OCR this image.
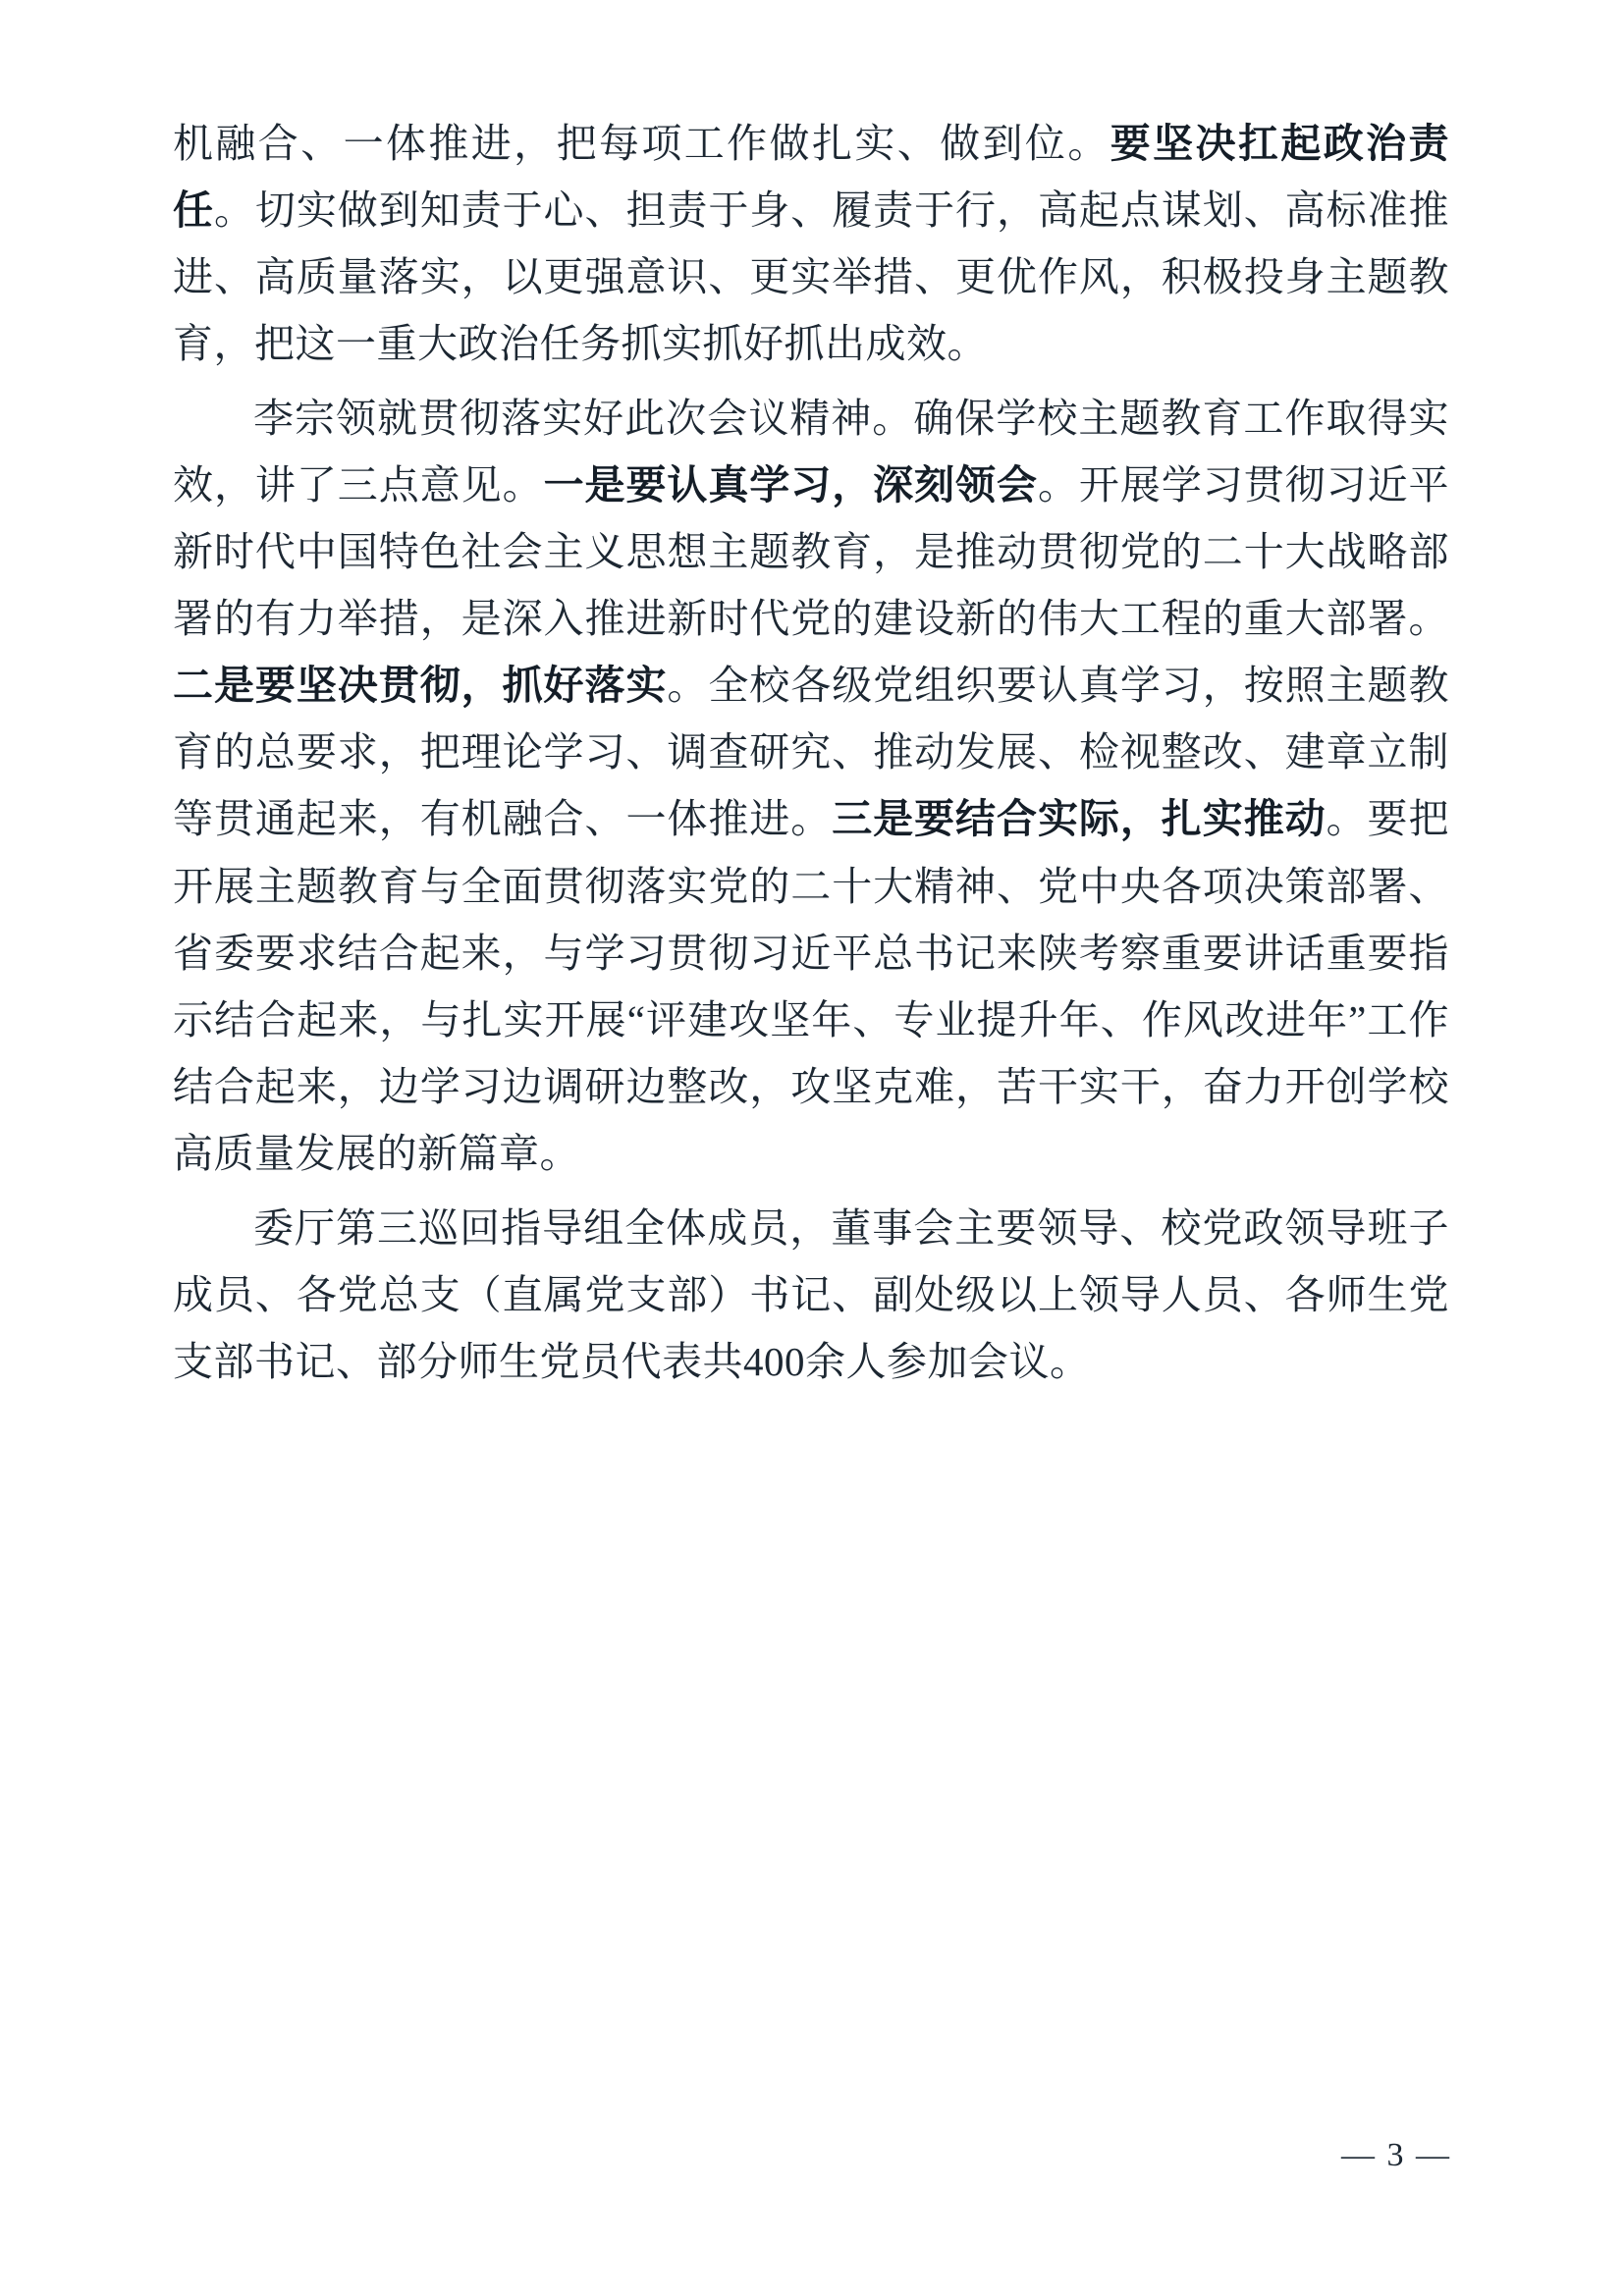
机融合、一体推进，把每项工作做扎实、做到位。要坚决扛起政治责任。切实做到知责于心、担责于身、履责于行，高起点谋划、高标准推进、高质量落实，以更强意识、更实举措、更优作风，积极投身主题教育，把这一重大政治任务抓实抓好抓出成效。

李宗领就贯彻落实好此次会议精神。确保学校主题教育工作取得实效，讲了三点意见。一是要认真学习，深刻领会。开展学习贯彻习近平新时代中国特色社会主义思想主题教育，是推动贯彻党的二十大战略部署的有力举措，是深入推进新时代党的建设新的伟大工程的重大部署。二是要坚决贯彻，抓好落实。全校各级党组织要认真学习，按照主题教育的总要求，把理论学习、调查研究、推动发展、检视整改、建章立制等贯通起来，有机融合、一体推进。三是要结合实际，扎实推动。要把开展主题教育与全面贯彻落实党的二十大精神、党中央各项决策部署、省委要求结合起来，与学习贯彻习近平总书记来陕考察重要讲话重要指示结合起来，与扎实开展“评建攻坚年、专业提升年、作风改进年”工作结合起来，边学习边调研边整改，攻坚克难，苦干实干，奋力开创学校高质量发展的新篇章。

委厅第三巡回指导组全体成员，董事会主要领导、校党政领导班子成员、各党总支（直属党支部）书记、副处级以上领导人员、各师生党支部书记、部分师生党员代表共400余人参加会议。

— 3 —
